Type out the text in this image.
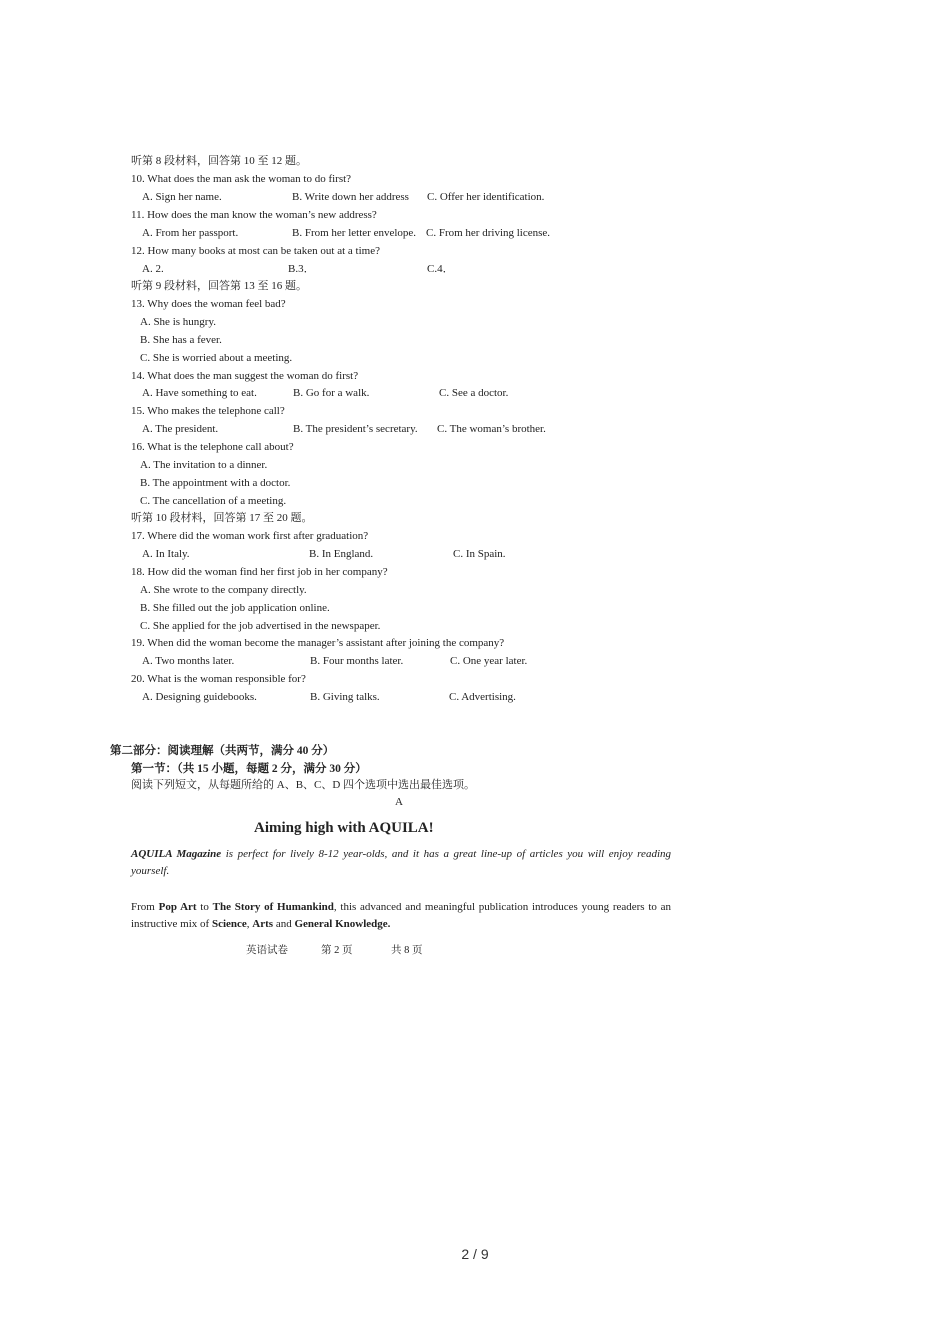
听第 8 段材料，回答第 10 至 12 题。
10. What does the man ask the woman to do first?
A. Sign her name.	B. Write down her address C. Offer her identification.
11. How does the man know the woman’s new address?
A. From her passport.	B. From her letter envelope. C. From her driving license.
12. How many books at most can be taken out at a time?
A. 2.	B.3．	C.4．
听第 9 段材料，回答第 13 至 16 题。
13. Why does the woman feel bad?
A. She is hungry.
B. She has a fever.
C. She is worried about a meeting.
14. What does the man suggest the woman do first?
A. Have something to eat.	B. Go for a walk.	C. See a doctor.
15. Who makes the telephone call?
A. The president.	B. The president’s secretary. C. The woman’s brother.
16. What is the telephone call about?
A. The invitation to a dinner.
B. The appointment with a doctor.
C. The cancellation of a meeting.
听第 10 段材料，回答第 17 至 20 题。
17. Where did the woman work first after graduation?
A. In Italy.	B. In England.	C. In Spain.
18. How did the woman find her first job in her company?
A. She wrote to the company directly.
B. She filled out the job application online.
C. She applied for the job advertised in the newspaper.
19. When did the woman become the manager’s assistant after joining the company?
A. Two months later.	B. Four months later.	C. One year later.
20. What is the woman responsible for?
A. Designing guidebooks.	B. Giving talks.	C. Advertising.
第二部分：阅读理解（共两节，满分 40 分）
第一节：（共 15 小题，每题 2 分，满分 30 分）
阅读下列短文，从每题所给的 A、B、C、D 四个选项中选出最佳选项。
A
Aiming high with AQUILA!
AQUILA Magazine is perfect for lively 8-12 year-olds, and it has a great line-up of articles you will enjoy reading yourself.
From Pop Art to The Story of Humankind, this advanced and meaningful publication introduces young readers to an instructive mix of Science, Arts and General Knowledge.
英语试卷	第 2 页	共 8 页
2 / 9
